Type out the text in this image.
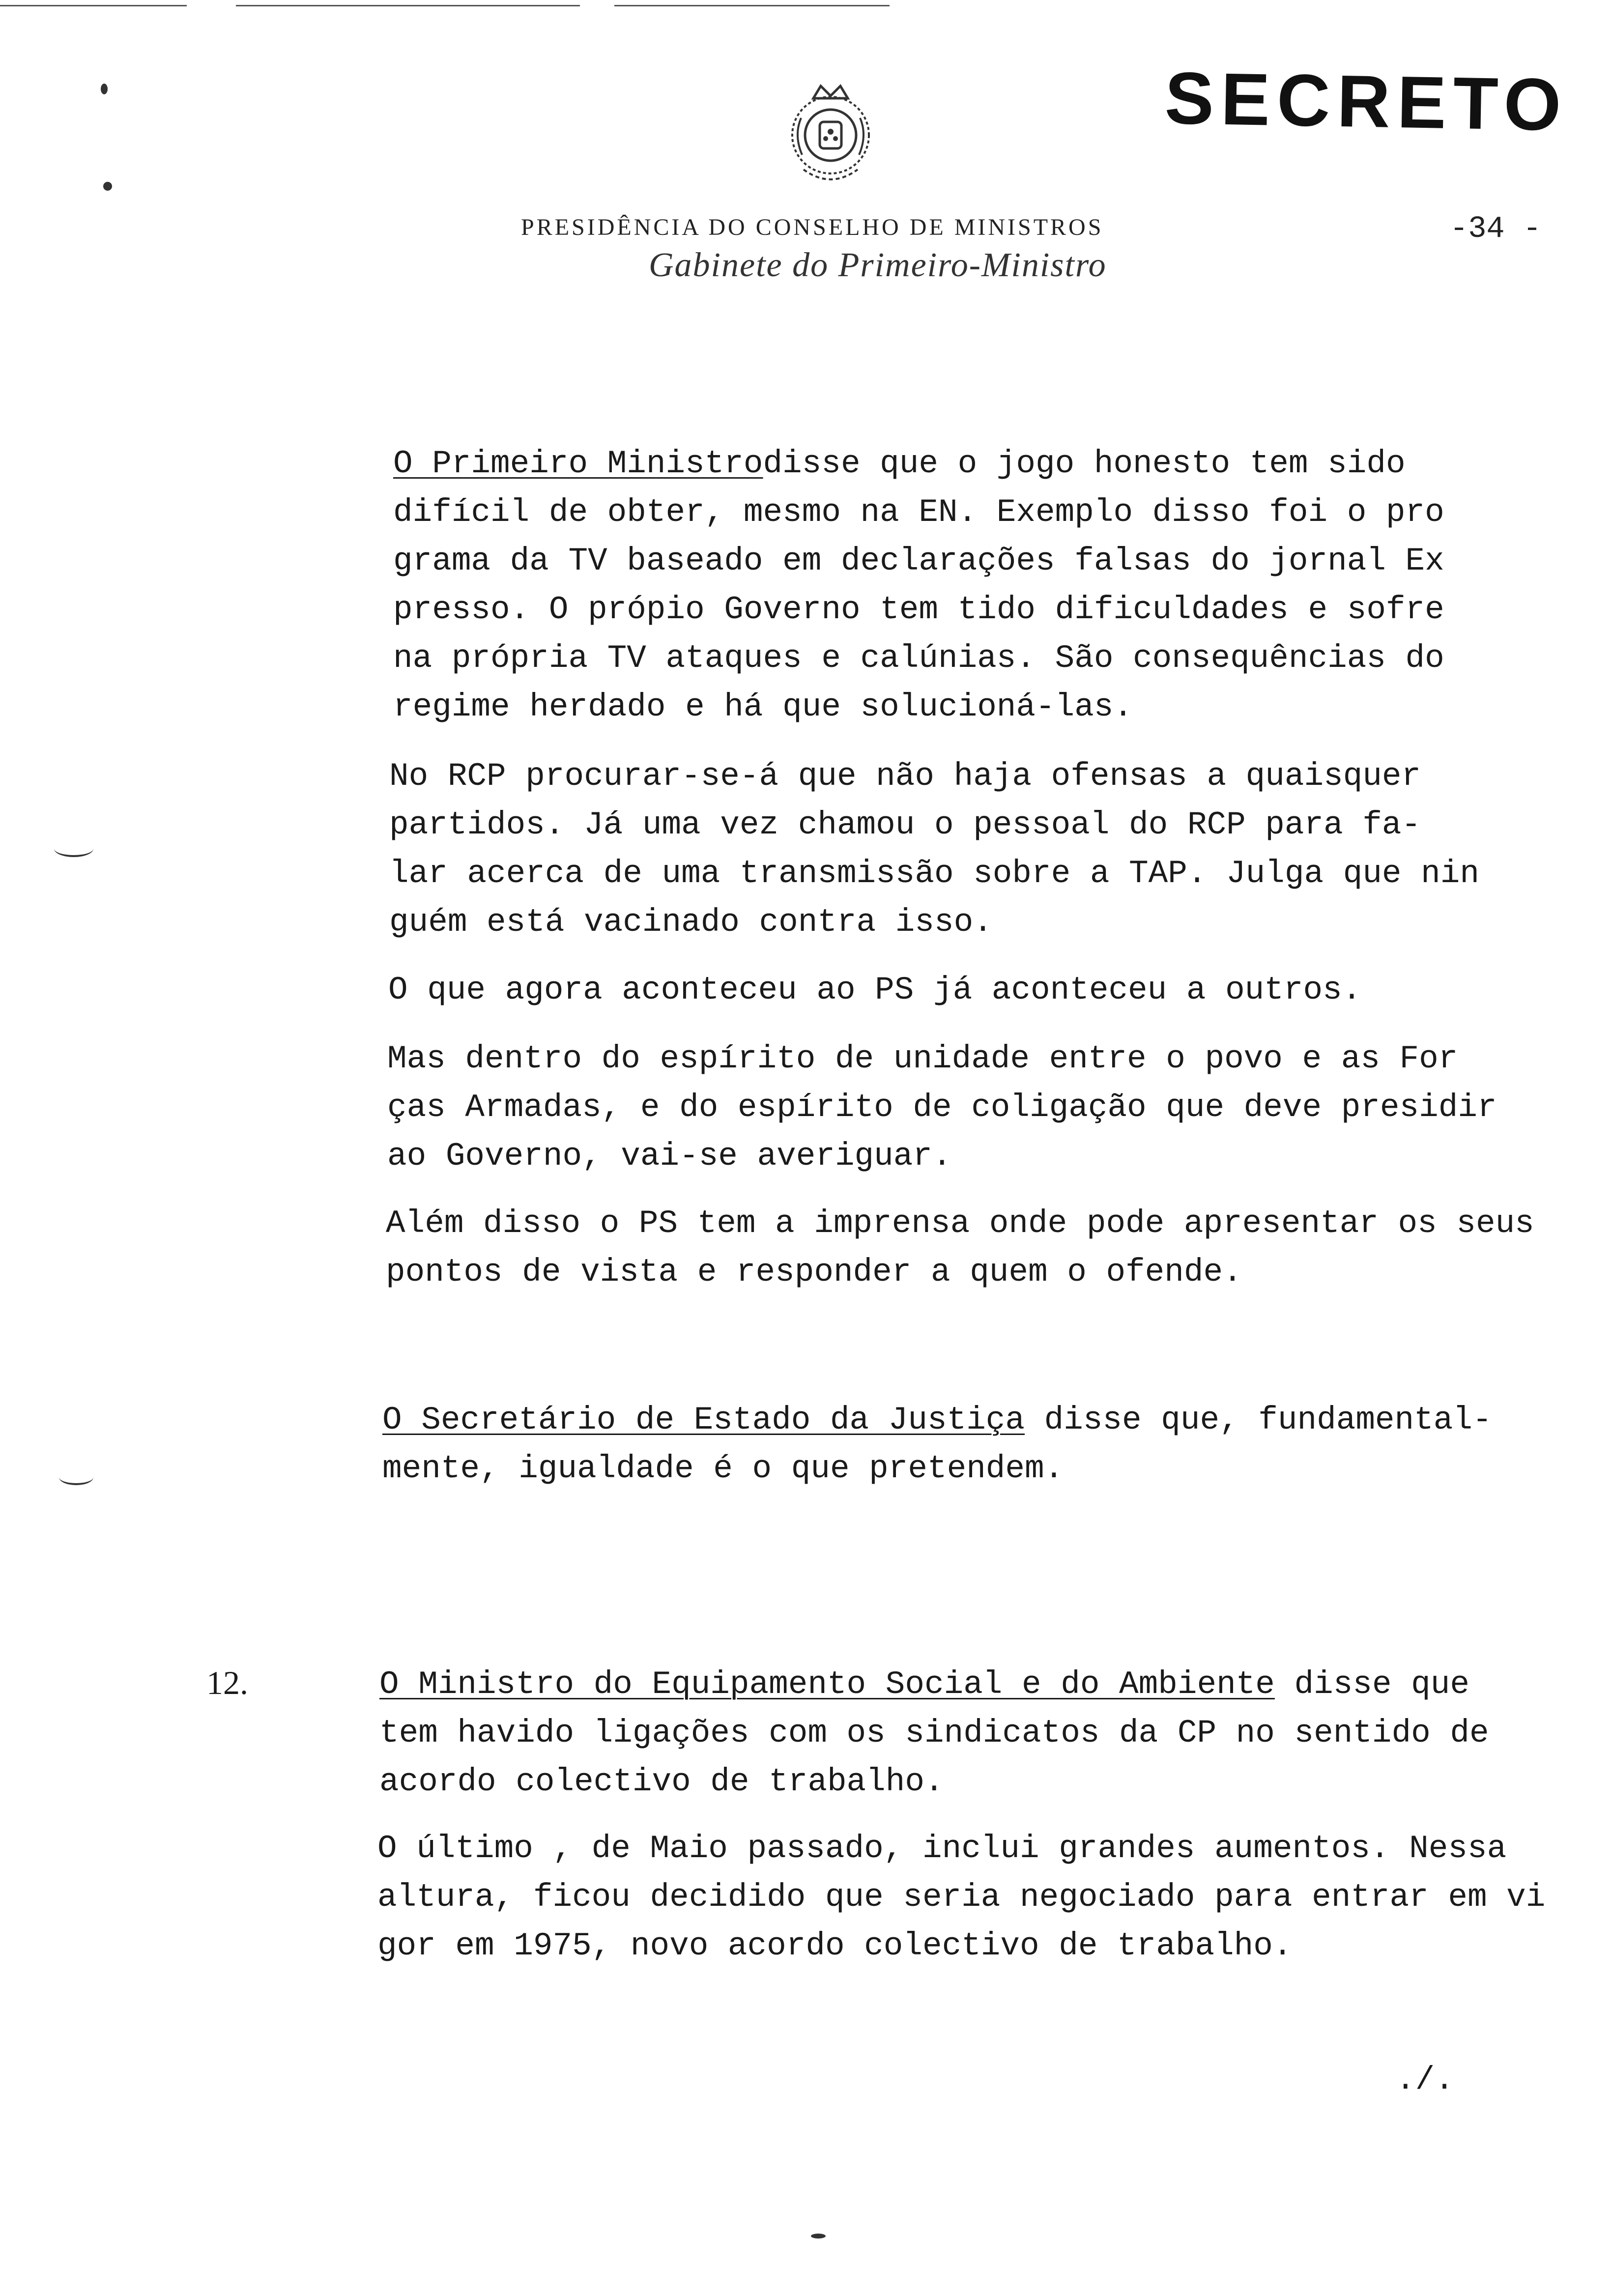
SECRETO
PRESIDÊNCIA DO CONSELHO DE MINISTROS
Gabinete do Primeiro-Ministro
-34 -
O Primeiro Ministrodisse que o jogo honesto tem sido
difícil de obter, mesmo na EN. Exemplo disso foi o pro
grama da TV baseado em declarações falsas do jornal Ex
presso. O própio Governo tem tido dificuldades e sofre
na própria TV ataques e calúnias. São consequências do
regime herdado e há que solucioná-las.
No RCP procurar-se-á que não haja ofensas a quaisquer
partidos. Já uma vez chamou o pessoal do RCP para fa-
lar acerca de uma transmissão sobre a TAP. Julga que nin
guém está vacinado contra isso.
O que agora aconteceu ao PS já aconteceu a outros.
Mas dentro do espírito de unidade entre o povo e as For
ças Armadas, e do espírito de coligação que deve presidir
ao Governo, vai-se averiguar.
Além disso o PS tem a imprensa onde pode apresentar os seus
pontos de vista e responder a quem o ofende.
O Secretário de Estado da Justiça disse que, fundamental-
mente, igualdade é o que pretendem.
12.	O Ministro do Equipamento Social e do Ambiente disse que
tem havido ligações com os sindicatos da CP no sentido de
acordo colectivo de trabalho.
O último , de Maio passado, inclui grandes aumentos. Nessa
altura, ficou decidido que seria negociado para entrar em vi
gor em 1975, novo acordo colectivo de trabalho.
./.
